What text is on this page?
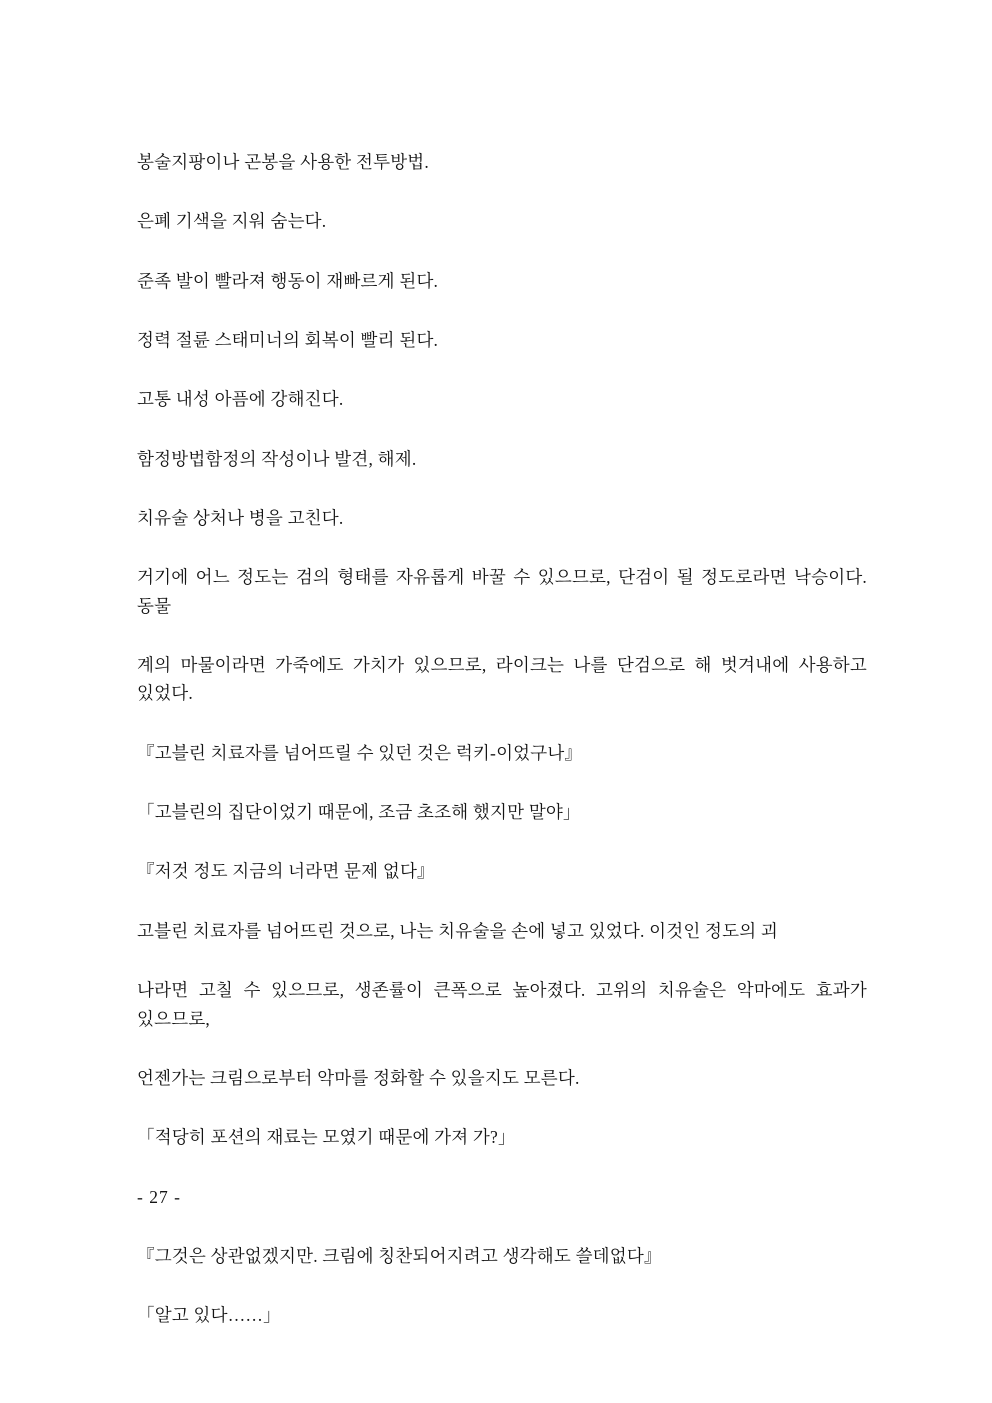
봉술지팡이나 곤봉을 사용한 전투방법.

은폐 기색을 지워 숨는다.

준족 발이 빨라져 행동이 재빠르게 된다.

정력 절륜 스태미너의 회복이 빨리 된다.

고통 내성 아픔에 강해진다.

함정방법함정의 작성이나 발견, 해제.

치유술 상처나 병을 고친다.

거기에 어느 정도는 검의 형태를 자유롭게 바꿀 수 있으므로, 단검이 될 정도로라면 낙승이다. 동물

계의 마물이라면 가죽에도 가치가 있으므로, 라이크는 나를 단검으로 해 벗겨내에 사용하고 있었다.

『고블린 치료자를 넘어뜨릴 수 있던 것은 럭키-이었구나』

「고블린의 집단이었기 때문에, 조금 초조해 했지만 말야」

『저것 정도 지금의 너라면 문제 없다』

고블린 치료자를 넘어뜨린 것으로, 나는 치유술을 손에 넣고 있었다. 이것인 정도의 괴

나라면 고칠 수 있으므로, 생존률이 큰폭으로 높아졌다. 고위의 치유술은 악마에도 효과가 있으므로,

언젠가는 크림으로부터 악마를 정화할 수 있을지도 모른다.

「적당히 포션의 재료는 모였기 때문에 가져 가?」

- 27 -

『그것은 상관없겠지만. 크림에 칭찬되어지려고 생각해도 쓸데없다』

「알고 있다……」
